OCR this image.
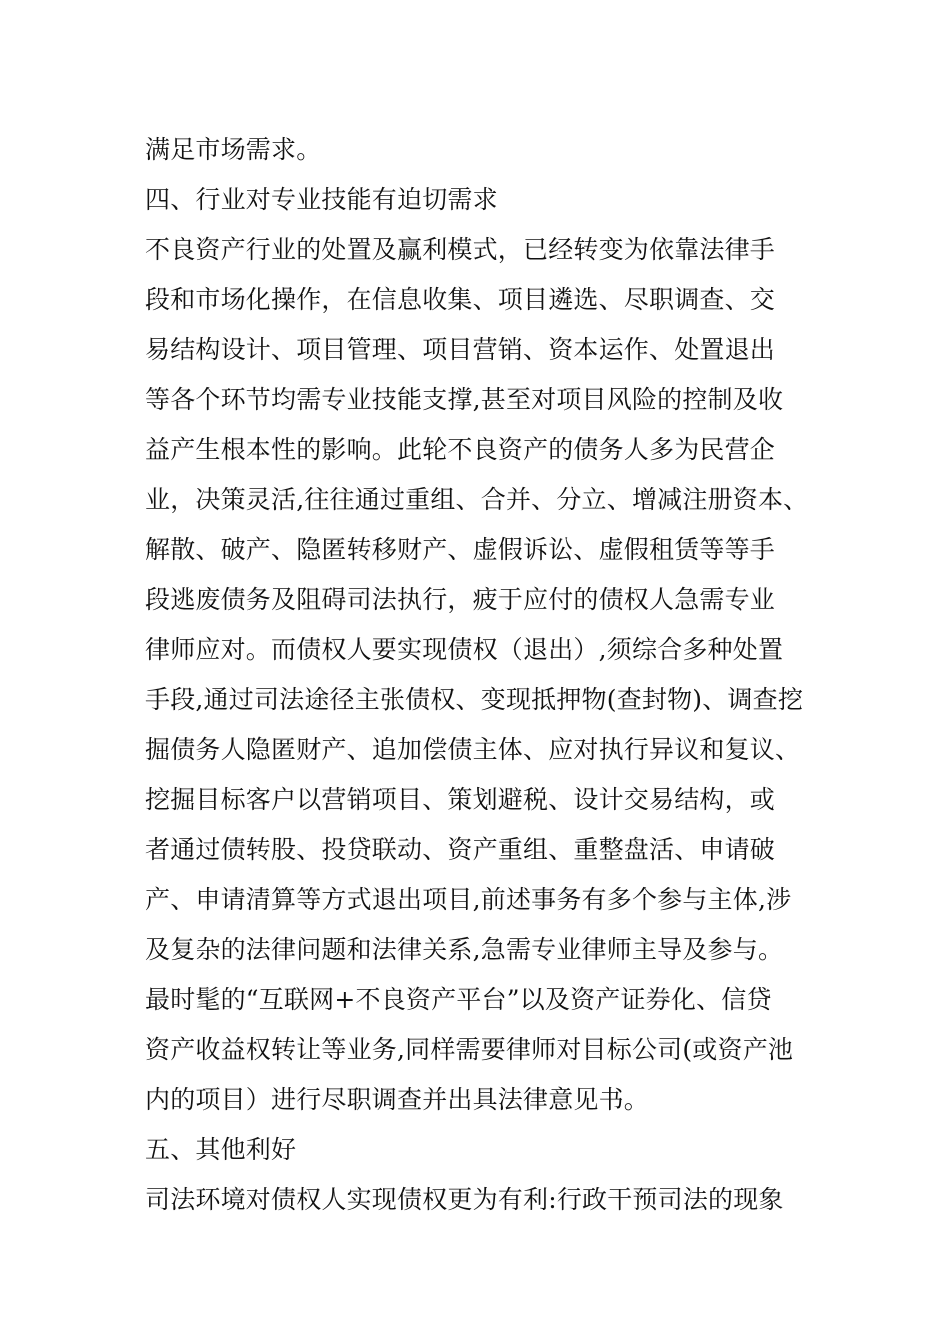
满足市场需求。
四、行业对专业技能有迫切需求
不良资产行业的处置及赢利模式，已经转变为依靠法律手
段和市场化操作，在信息收集、项目遴选、尽职调查、交
易结构设计、项目管理、项目营销、资本运作、处置退出
等各个环节均需专业技能支撑,甚至对项目风险的控制及收
益产生根本性的影响。此轮不良资产的债务人多为民营企
业，决策灵活,往往通过重组、合并、分立、增减注册资本、
解散、破产、隐匿转移财产、虚假诉讼、虚假租赁等等手
段逃废债务及阻碍司法执行，疲于应付的债权人急需专业
律师应对。而债权人要实现债权（退出）,须综合多种处置
手段,通过司法途径主张债权、变现抵押物(查封物)、调查挖
掘债务人隐匿财产、追加偿债主体、应对执行异议和复议、
挖掘目标客户以营销项目、策划避税、设计交易结构，或
者通过债转股、投贷联动、资产重组、重整盘活、申请破
产、申请清算等方式退出项目,前述事务有多个参与主体,涉
及复杂的法律问题和法律关系,急需专业律师主导及参与。
最时髦的“互联网+不良资产平台”以及资产证券化、信贷
资产收益权转让等业务,同样需要律师对目标公司(或资产池
内的项目）进行尽职调查并出具法律意见书。
五、其他利好
司法环境对债权人实现债权更为有利:行政干预司法的现象
